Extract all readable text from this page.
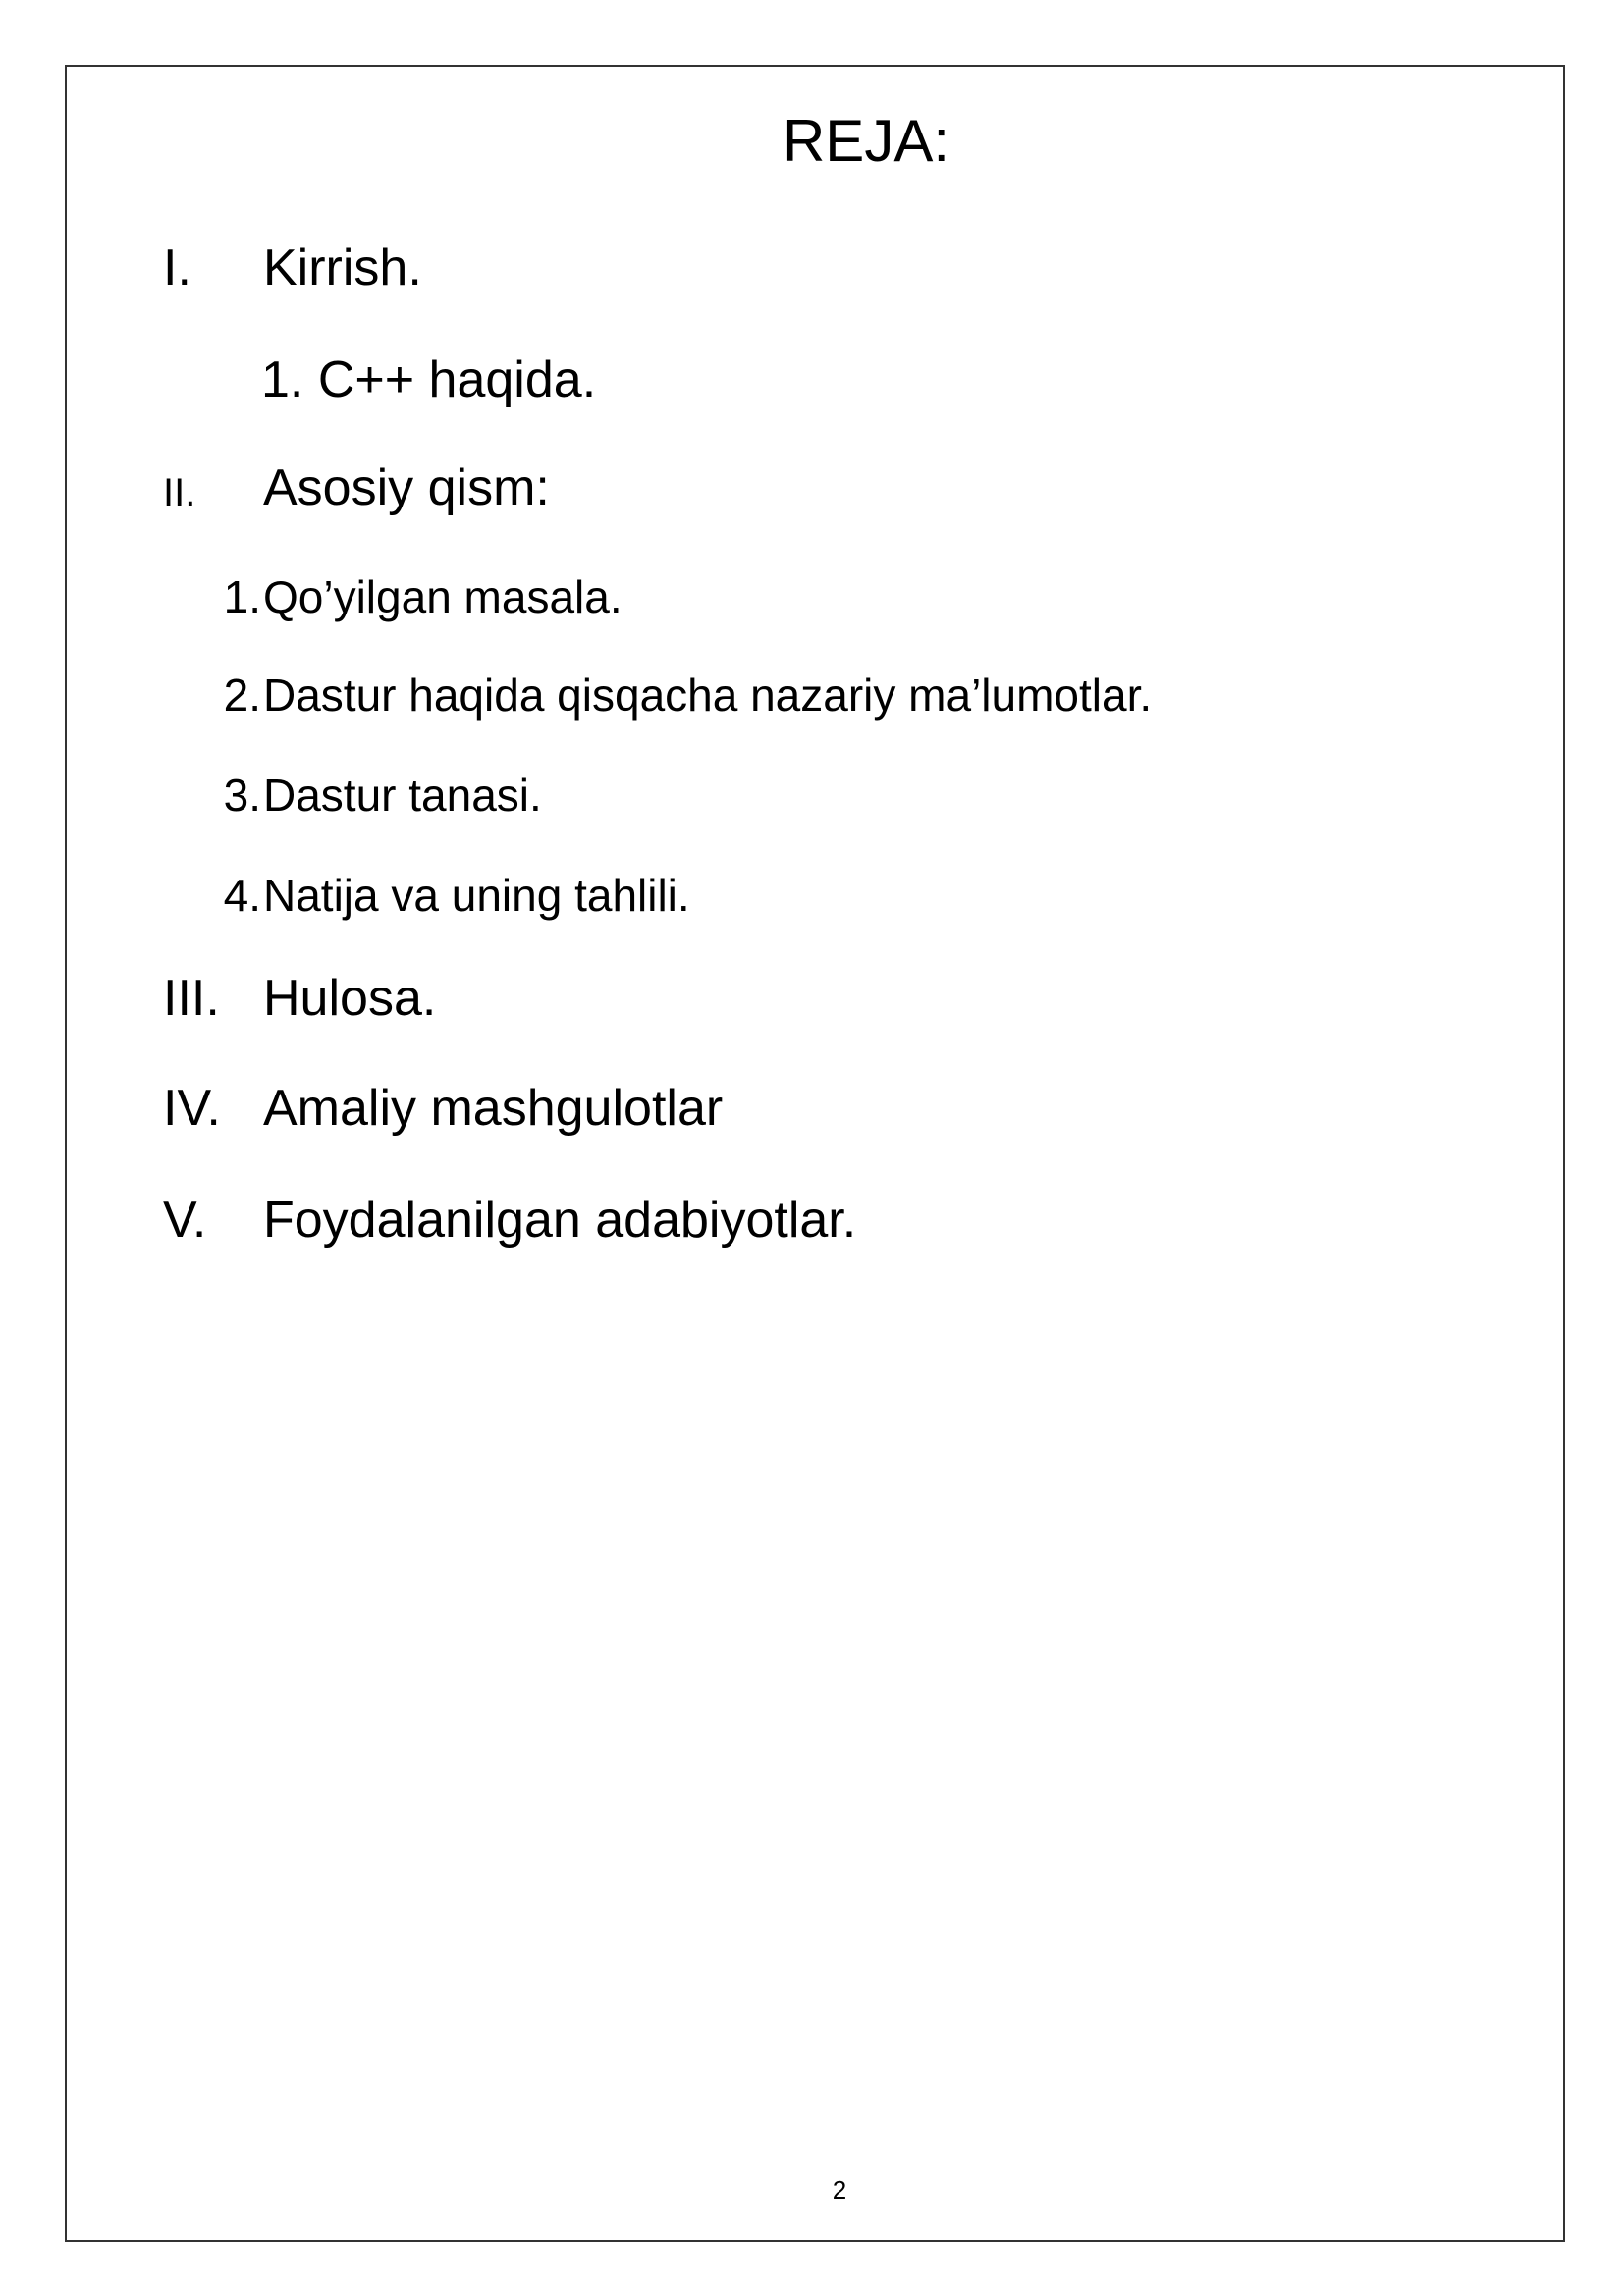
REJA:
I. Kirrish.
1. C++ haqida.
II. Asosiy qism:
1. Qo’yilgan masala.
2. Dastur haqida qisqacha nazariy ma’lumotlar.
3. Dastur tanasi.
4. Natija va uning tahlili.
III. Hulosa.
IV. Amaliy mashgulotlar
V. Foydalanilgan adabiyotlar.
2
